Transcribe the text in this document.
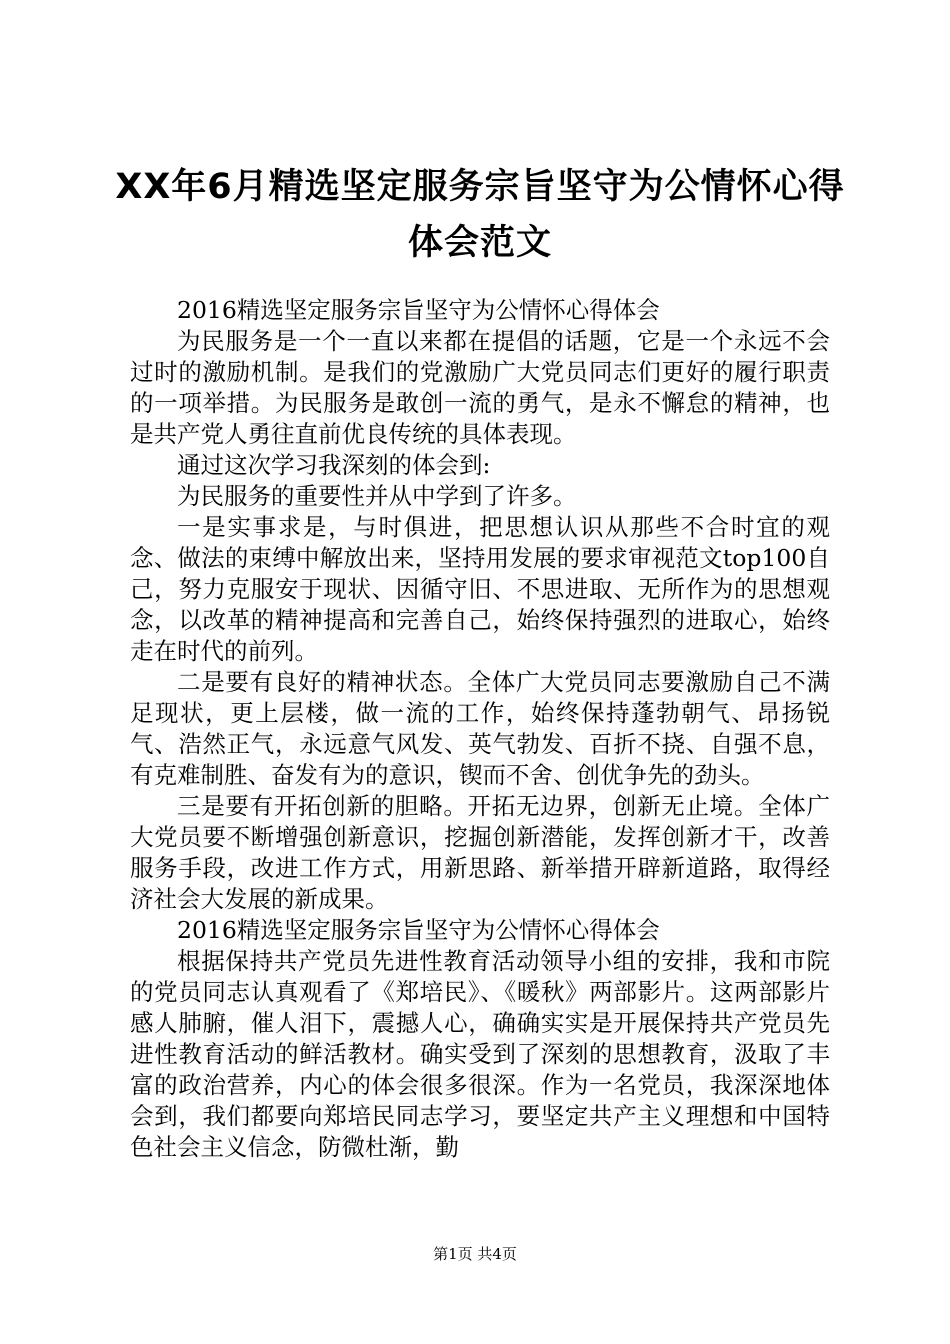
XX年6月精选坚定服务宗旨坚守为公情怀心得
体会范文

2016精选坚定服务宗旨坚守为公情怀心得体会

为民服务是一个一直以来都在提倡的话题，它是一个永远不会过时的激励机制。是我们的党激励广大党员同志们更好的履行职责的一项举措。为民服务是敢创一流的勇气，是永不懈怠的精神，也是共产党人勇往直前优良传统的具体表现。

通过这次学习我深刻的体会到:

为民服务的重要性并从中学到了许多。

一是实事求是，与时俱进，把思想认识从那些不合时宜的观念、做法的束缚中解放出来，坚持用发展的要求审视范文top100自己，努力克服安于现状、因循守旧、不思进取、无所作为的思想观念，以改革的精神提高和完善自己，始终保持强烈的进取心，始终走在时代的前列。

二是要有良好的精神状态。全体广大党员同志要激励自己不满足现状，更上层楼，做一流的工作，始终保持蓬勃朝气、昂扬锐气、浩然正气，永远意气风发、英气勃发、百折不挠、自强不息，有克难制胜、奋发有为的意识，锲而不舍、创优争先的劲头。

三是要有开拓创新的胆略。开拓无边界，创新无止境。全体广大党员要不断增强创新意识，挖掘创新潜能，发挥创新才干，改善服务手段，改进工作方式，用新思路、新举措开辟新道路，取得经济社会大发展的新成果。

2016精选坚定服务宗旨坚守为公情怀心得体会

根据保持共产党员先进性教育活动领导小组的安排，我和市院的党员同志认真观看了《郑培民》、《暖秋》两部影片。这两部影片感人肺腑，催人泪下，震撼人心，确确实实是开展保持共产党员先进性教育活动的鲜活教材。确实受到了深刻的思想教育，汲取了丰富的政治营养，内心的体会很多很深。作为一名党员，我深深地体会到，我们都要向郑培民同志学习，要坚定共产主义理想和中国特色社会主义信念，防微杜渐，勤

第1页 共4页
